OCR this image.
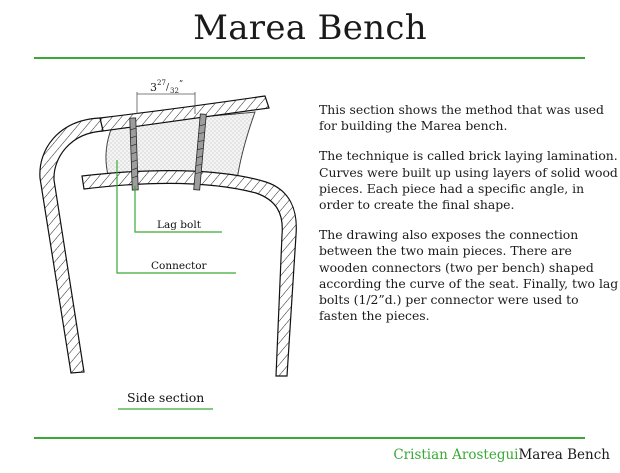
Marea Bench
3 27 / 32
”
Lag bolt
Connector
Side section

This section shows the method that was used for building the Marea bench.

The technique is called brick laying lamination. Curves were built up using layers of solid wood pieces. Each piece had a specific angle, in order to create the final shape.

The drawing also exposes the connection between the two main pieces. There are wooden connectors (two per bench) shaped according the curve of the seat. Finally, two lag bolts (1/2”d.) per connector were used to fasten the pieces.

Cristian ArosteguiMarea Bench
